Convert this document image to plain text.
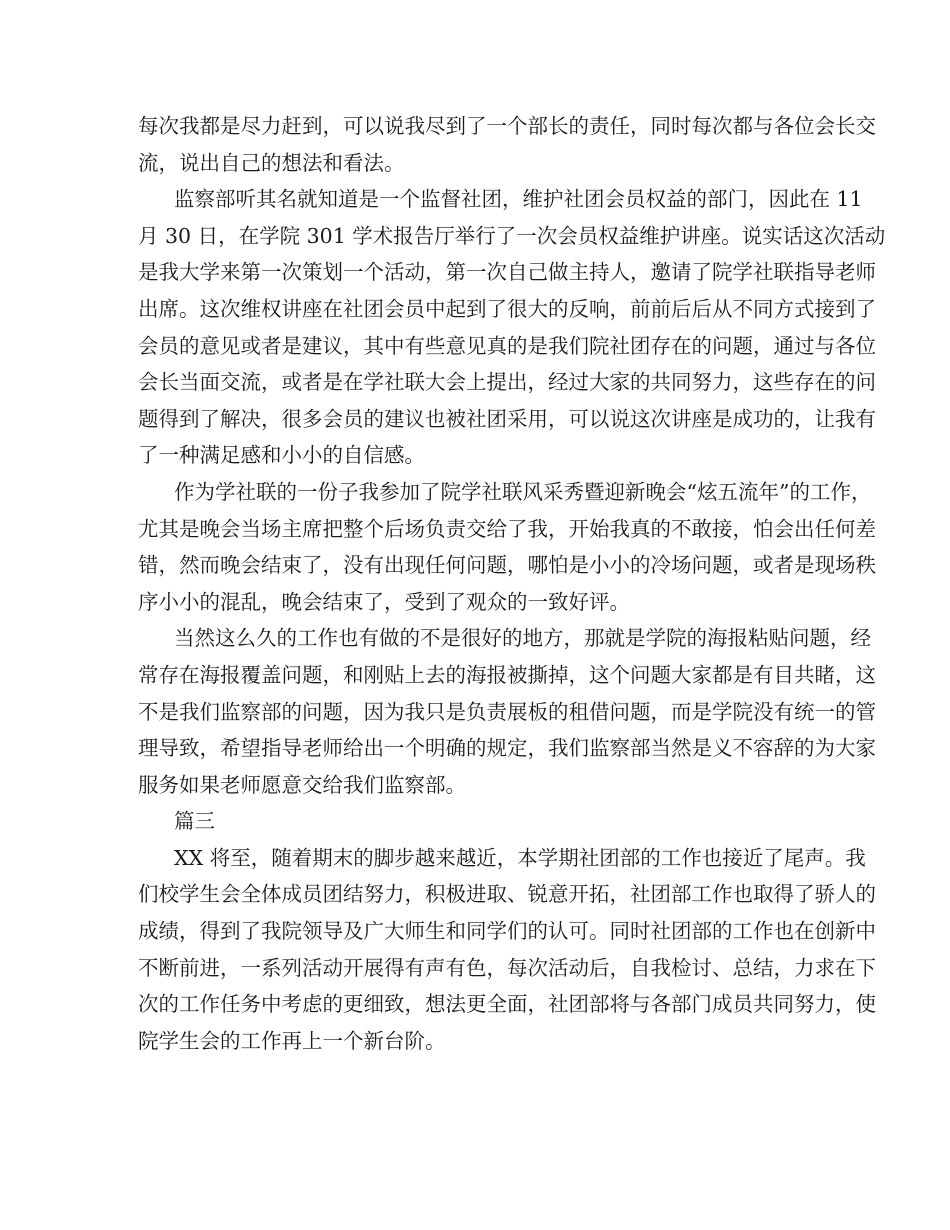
每次我都是尽力赶到，可以说我尽到了一个部长的责任，同时每次都与各位会长交
流，说出自己的想法和看法。
监察部听其名就知道是一个监督社团，维护社团会员权益的部门，因此在 11
月 30 日，在学院 301 学术报告厅举行了一次会员权益维护讲座。说实话这次活动
是我大学来第一次策划一个活动，第一次自己做主持人，邀请了院学社联指导老师
出席。这次维权讲座在社团会员中起到了很大的反响，前前后后从不同方式接到了
会员的意见或者是建议，其中有些意见真的是我们院社团存在的问题，通过与各位
会长当面交流，或者是在学社联大会上提出，经过大家的共同努力，这些存在的问
题得到了解决，很多会员的建议也被社团采用，可以说这次讲座是成功的，让我有
了一种满足感和小小的自信感。
作为学社联的一份子我参加了院学社联风采秀暨迎新晚会“炫五流年”的工作，
尤其是晚会当场主席把整个后场负责交给了我，开始我真的不敢接，怕会出任何差
错，然而晚会结束了，没有出现任何问题，哪怕是小小的冷场问题，或者是现场秩
序小小的混乱，晚会结束了，受到了观众的一致好评。
当然这么久的工作也有做的不是很好的地方，那就是学院的海报粘贴问题，经
常存在海报覆盖问题，和刚贴上去的海报被撕掉，这个问题大家都是有目共睹，这
不是我们监察部的问题，因为我只是负责展板的租借问题，而是学院没有统一的管
理导致，希望指导老师给出一个明确的规定，我们监察部当然是义不容辞的为大家
服务如果老师愿意交给我们监察部。
篇三
XX 将至，随着期末的脚步越来越近，本学期社团部的工作也接近了尾声。我
们校学生会全体成员团结努力，积极进取、锐意开拓，社团部工作也取得了骄人的
成绩，得到了我院领导及广大师生和同学们的认可。同时社团部的工作也在创新中
不断前进，一系列活动开展得有声有色，每次活动后，自我检讨、总结，力求在下
次的工作任务中考虑的更细致，想法更全面，社团部将与各部门成员共同努力，使
院学生会的工作再上一个新台阶。
